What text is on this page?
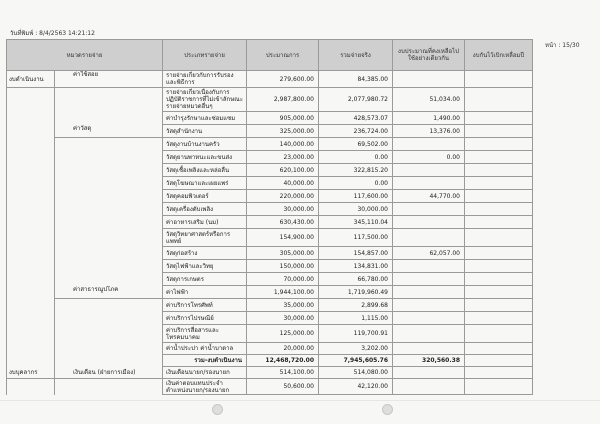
วันที่พิมพ์ : 8/4/2563 14:21:12
หน้า : 15/30
หมวดรายจ่าย		ประเภทรายจ่าย	ประมาณการ	รวมจ่ายจริง	งบประมาณที่คงเหลือไปใช้อย่างเดียวกัน	งบกันไว้เบิกเหลื่อมปี
งบดำเนินงาน	ค่าใช้สอย	รายจ่ายเกี่ยวกับการรับรองและพิธีการ	279,600.00	84,385.00		
		รายจ่ายเกี่ยวเนื่องกับการปฏิบัติราชการที่ไม่เข้าลักษณะรายจ่ายหมวดอื่นๆ	2,987,800.00	2,077,980.72	51,034.00	
		ค่าบำรุงรักษาและซ่อมแซม	905,000.00	428,573.07	1,490.00	
	ค่าวัสดุ	วัสดุสำนักงาน	325,000.00	236,724.00	13,376.00	
		วัสดุงานบ้านงานครัว	140,000.00	69,502.00		
		วัสดุยานพาหนะและขนส่ง	23,000.00	0.00	0.00	
		วัสดุเชื้อเพลิงและหล่อลื่น	620,100.00	322,815.20		
		วัสดุโฆษณาและเผยแพร่	40,000.00	0.00		
		วัสดุคอมพิวเตอร์	220,000.00	117,600.00	44,770.00	
		วัสดุเครื่องดับเพลิง	30,000.00	30,000.00		
		ค่าอาหารเสริม (นม)	630,430.00	345,110.04		
		วัสดุวิทยาศาสตร์หรือการแพทย์	154,900.00	117,500.00		
		วัสดุก่อสร้าง	305,000.00	154,857.00	62,057.00	
		วัสดุไฟฟ้าและวิทยุ	150,000.00	134,831.00		
		วัสดุการเกษตร	70,000.00	66,780.00		
	ค่าสาธารณูปโภค	ค่าไฟฟ้า	1,944,100.00	1,719,960.49		
		ค่าบริการโทรศัพท์	35,000.00	2,899.68		
		ค่าบริการไปรษณีย์	30,000.00	1,115.00		
		ค่าบริการสื่อสารและโทรคมนาคม	125,000.00	119,700.91		
		ค่าน้ำประปา ค่าน้ำบาดาล	20,000.00	3,202.00		
		รวม-งบดำเนินงาน	12,468,720.00	7,945,605.76	320,560.38	
งบบุคลากร	เงินเดือน (ฝ่ายการเมือง)	เงินเดือนนายก/รองนายก	514,100.00	514,080.00		
		เงินค่าตอบแทนประจำตำแหน่งนายก/รองนายก	50,600.00	42,120.00		
